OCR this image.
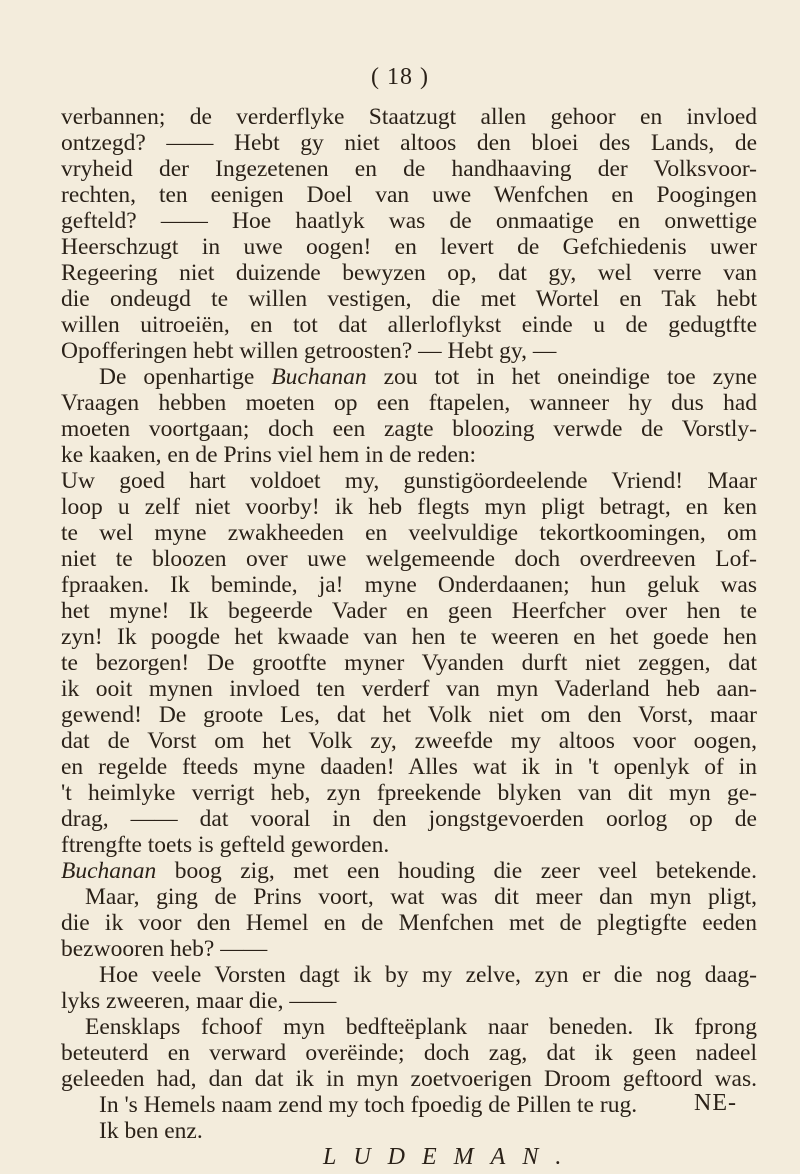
( 18 )
verbannen; de verderflyke Staatzugt allen gehoor en invloed
ontzegd? —— Hebt gy niet altoos den bloei des Lands, de
vryheid der Ingezetenen en de handhaaving der Volksvoor-
rechten, ten eenigen Doel van uwe Wenfchen en Poogingen
gefteld? —— Hoe haatlyk was de onmaatige en onwettige
Heerschzugt in uwe oogen! en levert de Gefchiedenis uwer
Regeering niet duizende bewyzen op, dat gy, wel verre van
die ondeugd te willen vestigen, die met Wortel en Tak hebt
willen uitroeiën, en tot dat allerloflykst einde u de gedugtfte
Opofferingen hebt willen getroosten? — Hebt gy, —
De openhartige Buchanan zou tot in het oneindige toe zyne
Vraagen hebben moeten op een ftapelen, wanneer hy dus had
moeten voortgaan; doch een zagte bloozing verwde de Vorstly-
ke kaaken, en de Prins viel hem in de reden:
Uw goed hart voldoet my, gunstigöordeelende Vriend! Maar
loop u zelf niet voorby! ik heb flegts myn pligt betragt, en ken
te wel myne zwakheeden en veelvuldige tekortkoomingen, om
niet te bloozen over uwe welgemeende doch overdreeven Lof-
fpraaken. Ik beminde, ja! myne Onderdaanen; hun geluk was
het myne! Ik begeerde Vader en geen Heerfcher over hen te
zyn! Ik poogde het kwaade van hen te weeren en het goede hen
te bezorgen! De grootfte myner Vyanden durft niet zeggen, dat
ik ooit mynen invloed ten verderf van myn Vaderland heb aan-
gewend! De groote Les, dat het Volk niet om den Vorst, maar
dat de Vorst om het Volk zy, zweefde my altoos voor oogen,
en regelde fteeds myne daaden! Alles wat ik in 't openlyk of in
't heimlyke verrigt heb, zyn fpreekende blyken van dit myn ge-
drag, —— dat vooral in den jongstgevoerden oorlog op de
ftrengfte toets is gefteld geworden.
Buchanan boog zig, met een houding die zeer veel betekende.
Maar, ging de Prins voort, wat was dit meer dan myn pligt,
die ik voor den Hemel en de Menfchen met de plegtigfte eeden
bezwooren heb? ——
Hoe veele Vorsten dagt ik by my zelve, zyn er die nog daag-
lyks zweeren, maar die, ——
Eensklaps fchoof myn bedfteëplank naar beneden. Ik fprong
beteuterd en verward overëinde; doch zag, dat ik geen nadeel
geleeden had, dan dat ik in myn zoetvoerigen Droom geftoord was.
In 's Hemels naam zend my toch fpoedig de Pillen te rug.
Ik ben enz.
LUDEMAN.
NE-
